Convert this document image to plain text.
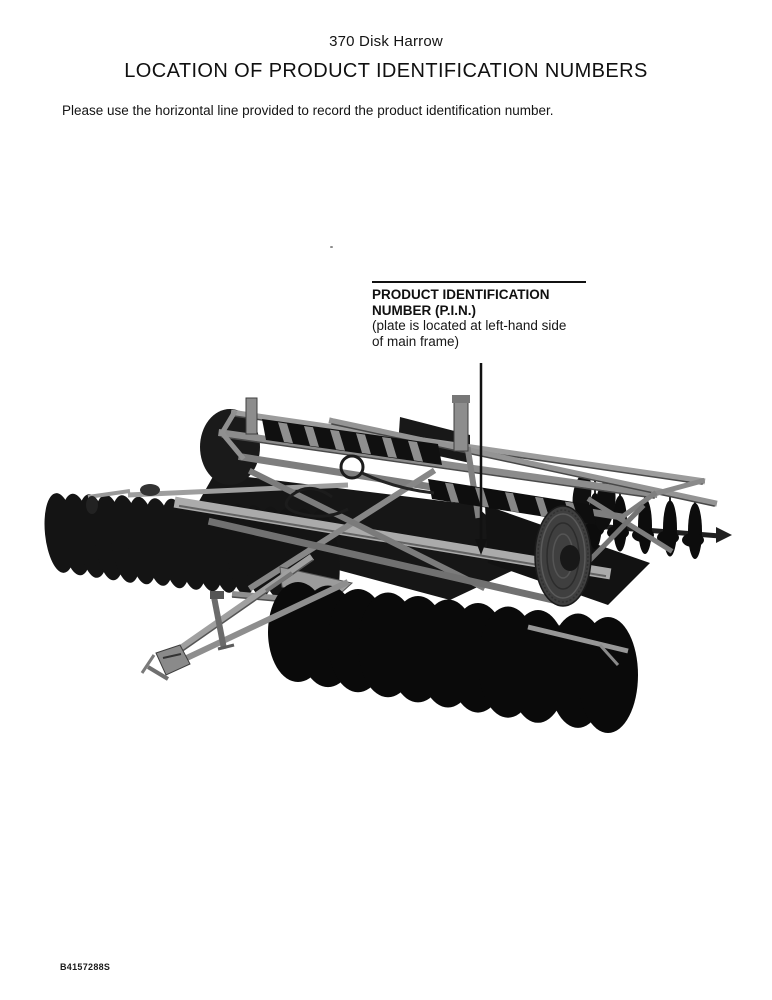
370 Disk Harrow
LOCATION OF PRODUCT IDENTIFICATION NUMBERS

Please use the horizontal line provided to record the product identification number.

PRODUCT IDENTIFICATION
NUMBER (P.I.N.)
(plate is located at left-hand side
of main frame)
B4157288S
